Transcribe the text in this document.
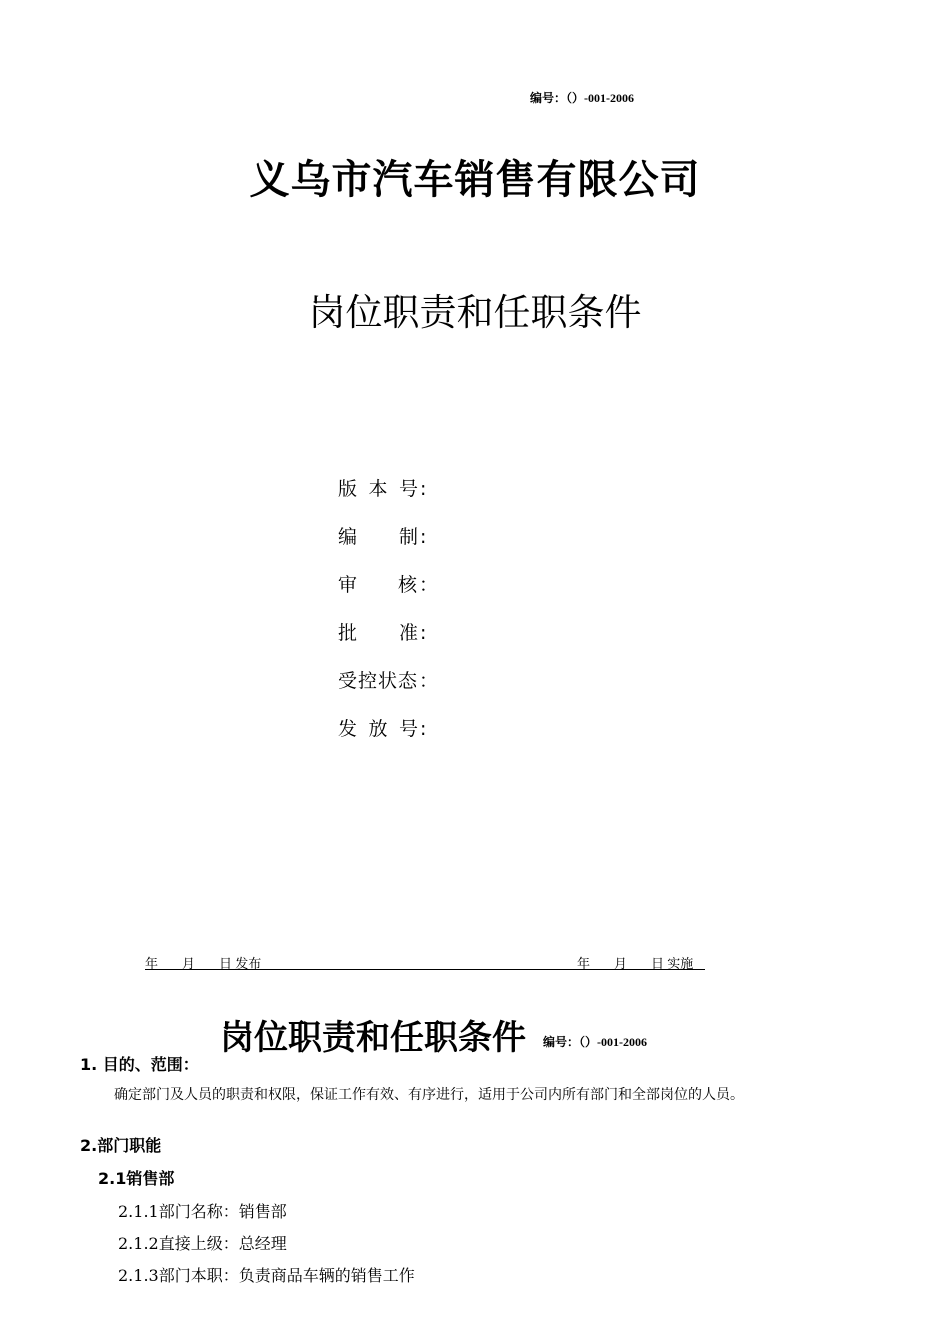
编号：（）-001-2006
义乌市汽车销售有限公司
岗位职责和任职条件
版 本 号 :
编 制 :
审 核 ：
批 准 :
受 控 状 态 ：
发 放 号 :
年 月 日 发布	年 月 日 实施
岗位职责和任职条件 编号：（）-001-2006
1. 目的、范围：
确定部门及人员的职责和权限，保证工作有效、有序进行，适用于公司内所有部门和全部岗位的人员。
2.部门职能
2.1销售部
2.1.1部门名称：销售部
2.1.2直接上级：总经理
2.1.3部门本职：负责商品车辆的销售工作
